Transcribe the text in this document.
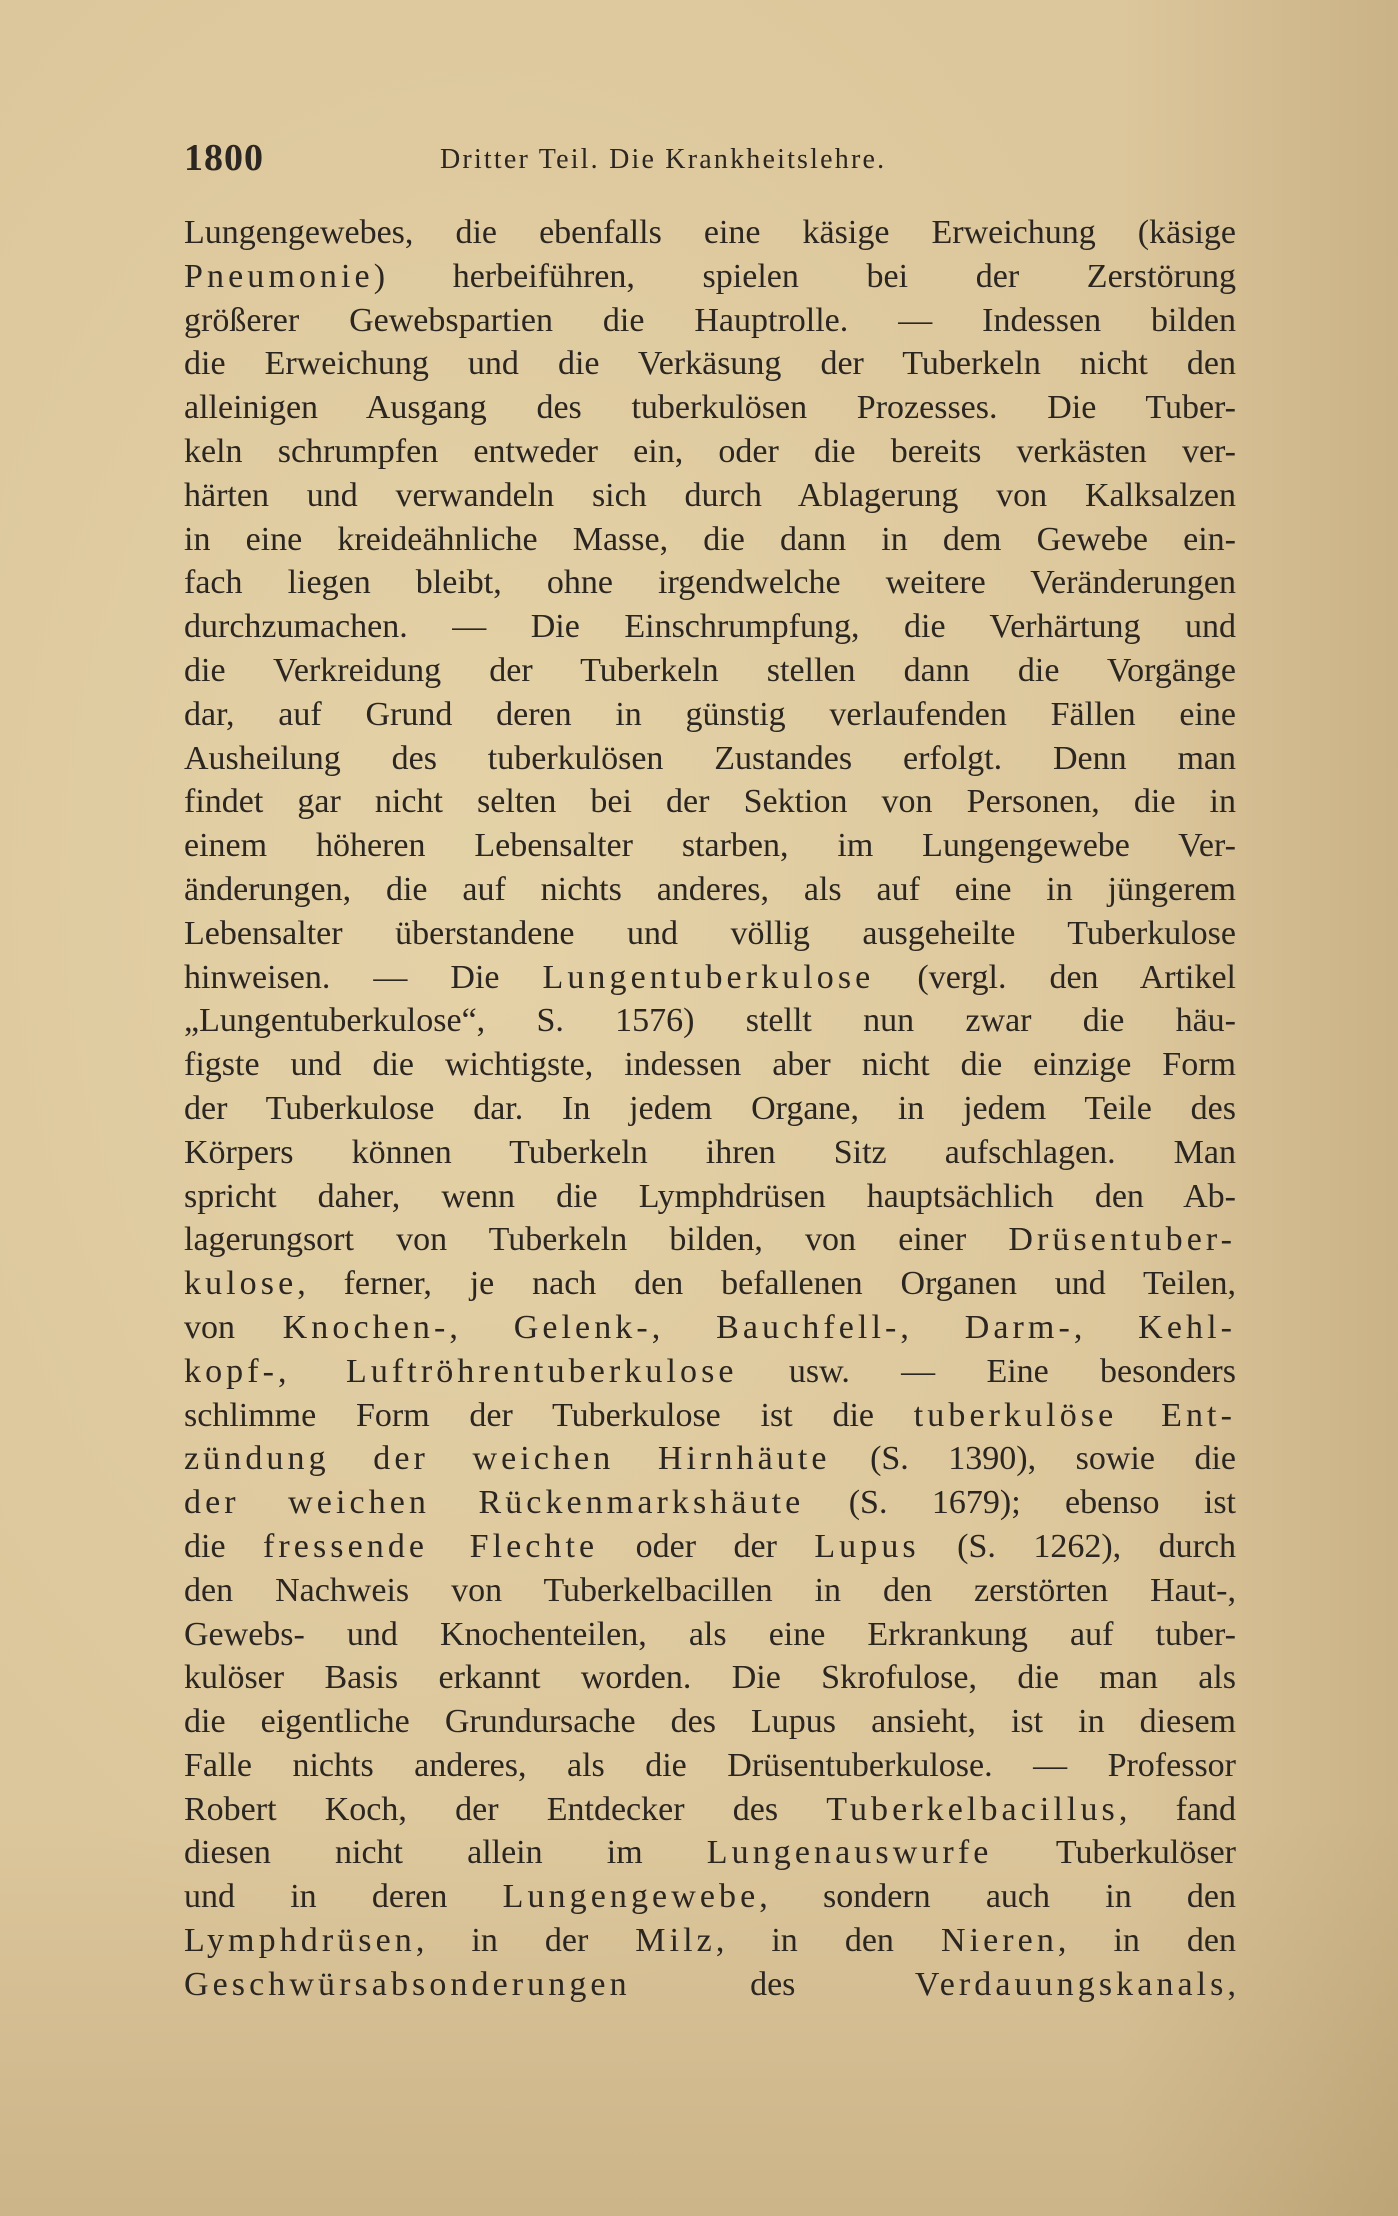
1800	Dritter Teil. Die Krankheitslehre.
Lungengewebes, die ebenfalls eine käsige Erweichung (käsige
Pneumonie) herbeiführen, spielen bei der Zerstörung
größerer Gewebspartien die Hauptrolle. — Indessen bilden
die Erweichung und die Verkäsung der Tuberkeln nicht den
alleinigen Ausgang des tuberkulösen Prozesses. Die Tuber-
keln schrumpfen entweder ein, oder die bereits verkästen ver-
härten und verwandeln sich durch Ablagerung von Kalksalzen
in eine kreideähnliche Masse, die dann in dem Gewebe ein-
fach liegen bleibt, ohne irgendwelche weitere Veränderungen
durchzumachen. — Die Einschrumpfung, die Verhärtung und
die Verkreidung der Tuberkeln stellen dann die Vorgänge
dar, auf Grund deren in günstig verlaufenden Fällen eine
Ausheilung des tuberkulösen Zustandes erfolgt. Denn man
findet gar nicht selten bei der Sektion von Personen, die in
einem höheren Lebensalter starben, im Lungengewebe Ver-
änderungen, die auf nichts anderes, als auf eine in jüngerem
Lebensalter überstandene und völlig ausgeheilte Tuberkulose
hinweisen. — Die Lungentuberkulose (vergl. den Artikel
„Lungentuberkulose“, S. 1576) stellt nun zwar die häu-
figste und die wichtigste, indessen aber nicht die einzige Form
der Tuberkulose dar. In jedem Organe, in jedem Teile des
Körpers können Tuberkeln ihren Sitz aufschlagen. Man
spricht daher, wenn die Lymphdrüsen hauptsächlich den Ab-
lagerungsort von Tuberkeln bilden, von einer Drüsentuber-
kulose, ferner, je nach den befallenen Organen und Teilen,
von Knochen-, Gelenk-, Bauchfell-, Darm-, Kehl-
kopf-, Luftröhrentuberkulose usw. — Eine besonders
schlimme Form der Tuberkulose ist die tuberkulöse Ent-
zündung der weichen Hirnhäute (S. 1390), sowie die
der weichen Rückenmarkshäute (S. 1679); ebenso ist
die fressende Flechte oder der Lupus (S. 1262), durch
den Nachweis von Tuberkelbacillen in den zerstörten Haut-,
Gewebs- und Knochenteilen, als eine Erkrankung auf tuber-
kulöser Basis erkannt worden. Die Skrofulose, die man als
die eigentliche Grundursache des Lupus ansieht, ist in diesem
Falle nichts anderes, als die Drüsentuberkulose. — Professor
Robert Koch, der Entdecker des Tuberkelbacillus, fand
diesen nicht allein im Lungenauswurfe Tuberkulöser
und in deren Lungengewebe, sondern auch in den
Lymphdrüsen, in der Milz, in den Nieren, in den
Geschwürsabsonderungen des Verdauungskanals,
